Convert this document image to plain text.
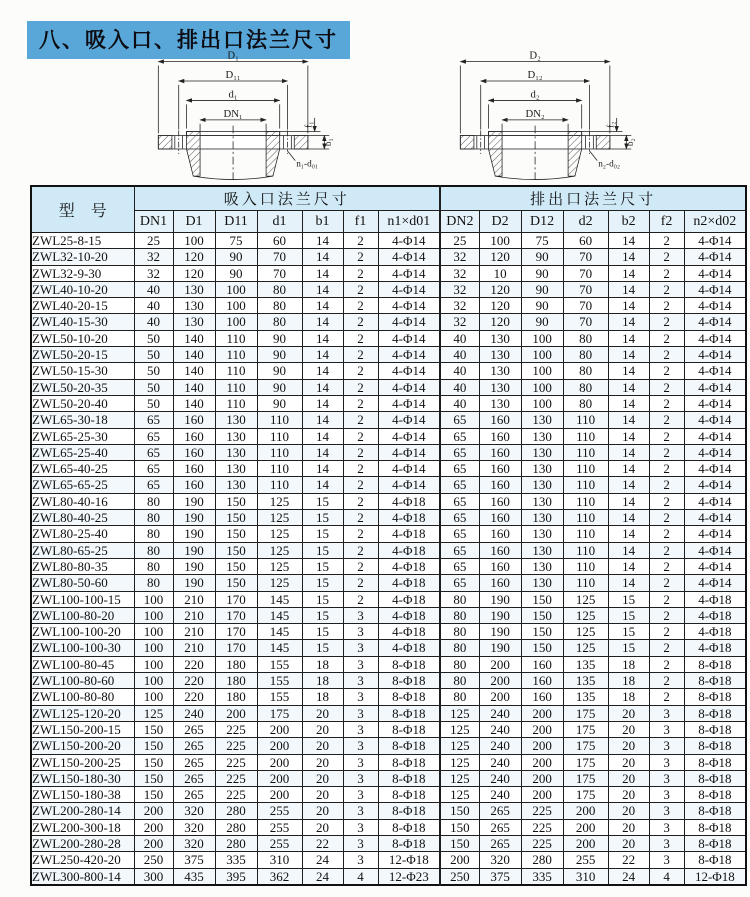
八、吸入口、排出口法兰尺寸
D₁
D₁₁
d₁
DN₁
f₁
b₁
n₁-d₀₁
D₂
D₁₂
d₂
DN₂
f₂
b₂
n₂-d₀₂
型　号	吸入口法兰尺寸							排出口法兰尺寸						
	DN1	D1	D11	d1	b1	f1	n1×d01	DN2	D2	D12	d2	b2	f2	n2×d02
ZWL25-8-15	25	100	75	60	14	2	4-Φ14	25	100	75	60	14	2	4-Φ14
ZWL32-10-20	32	120	90	70	14	2	4-Φ14	32	120	90	70	14	2	4-Φ14
ZWL32-9-30	32	120	90	70	14	2	4-Φ14	32	10	90	70	14	2	4-Φ14
ZWL40-10-20	40	130	100	80	14	2	4-Φ14	32	120	90	70	14	2	4-Φ14
ZWL40-20-15	40	130	100	80	14	2	4-Φ14	32	120	90	70	14	2	4-Φ14
ZWL40-15-30	40	130	100	80	14	2	4-Φ14	32	120	90	70	14	2	4-Φ14
ZWL50-10-20	50	140	110	90	14	2	4-Φ14	40	130	100	80	14	2	4-Φ14
ZWL50-20-15	50	140	110	90	14	2	4-Φ14	40	130	100	80	14	2	4-Φ14
ZWL50-15-30	50	140	110	90	14	2	4-Φ14	40	130	100	80	14	2	4-Φ14
ZWL50-20-35	50	140	110	90	14	2	4-Φ14	40	130	100	80	14	2	4-Φ14
ZWL50-20-40	50	140	110	90	14	2	4-Φ14	40	130	100	80	14	2	4-Φ14
ZWL65-30-18	65	160	130	110	14	2	4-Φ14	65	160	130	110	14	2	4-Φ14
ZWL65-25-30	65	160	130	110	14	2	4-Φ14	65	160	130	110	14	2	4-Φ14
ZWL65-25-40	65	160	130	110	14	2	4-Φ14	65	160	130	110	14	2	4-Φ14
ZWL65-40-25	65	160	130	110	14	2	4-Φ14	65	160	130	110	14	2	4-Φ14
ZWL65-65-25	65	160	130	110	14	2	4-Φ14	65	160	130	110	14	2	4-Φ14
ZWL80-40-16	80	190	150	125	15	2	4-Φ18	65	160	130	110	14	2	4-Φ14
ZWL80-40-25	80	190	150	125	15	2	4-Φ18	65	160	130	110	14	2	4-Φ14
ZWL80-25-40	80	190	150	125	15	2	4-Φ18	65	160	130	110	14	2	4-Φ14
ZWL80-65-25	80	190	150	125	15	2	4-Φ18	65	160	130	110	14	2	4-Φ14
ZWL80-80-35	80	190	150	125	15	2	4-Φ18	65	160	130	110	14	2	4-Φ14
ZWL80-50-60	80	190	150	125	15	2	4-Φ18	65	160	130	110	14	2	4-Φ14
ZWL100-100-15	100	210	170	145	15	2	4-Φ18	80	190	150	125	15	2	4-Φ18
ZWL100-80-20	100	210	170	145	15	3	4-Φ18	80	190	150	125	15	2	4-Φ18
ZWL100-100-20	100	210	170	145	15	3	4-Φ18	80	190	150	125	15	2	4-Φ18
ZWL100-100-30	100	210	170	145	15	3	4-Φ18	80	190	150	125	15	2	4-Φ18
ZWL100-80-45	100	220	180	155	18	3	8-Φ18	80	200	160	135	18	2	8-Φ18
ZWL100-80-60	100	220	180	155	18	3	8-Φ18	80	200	160	135	18	2	8-Φ18
ZWL100-80-80	100	220	180	155	18	3	8-Φ18	80	200	160	135	18	2	8-Φ18
ZWL125-120-20	125	240	200	175	20	3	8-Φ18	125	240	200	175	20	3	8-Φ18
ZWL150-200-15	150	265	225	200	20	3	8-Φ18	125	240	200	175	20	3	8-Φ18
ZWL150-200-20	150	265	225	200	20	3	8-Φ18	125	240	200	175	20	3	8-Φ18
ZWL150-200-25	150	265	225	200	20	3	8-Φ18	125	240	200	175	20	3	8-Φ18
ZWL150-180-30	150	265	225	200	20	3	8-Φ18	125	240	200	175	20	3	8-Φ18
ZWL150-180-38	150	265	225	200	20	3	8-Φ18	125	240	200	175	20	3	8-Φ18
ZWL200-280-14	200	320	280	255	20	3	8-Φ18	150	265	225	200	20	3	8-Φ18
ZWL200-300-18	200	320	280	255	20	3	8-Φ18	150	265	225	200	20	3	8-Φ18
ZWL200-280-28	200	320	280	255	22	3	8-Φ18	150	265	225	200	20	3	8-Φ18
ZWL250-420-20	250	375	335	310	24	3	12-Φ18	200	320	280	255	22	3	8-Φ18
ZWL300-800-14	300	435	395	362	24	4	12-Φ23	250	375	335	310	24	4	12-Φ18
